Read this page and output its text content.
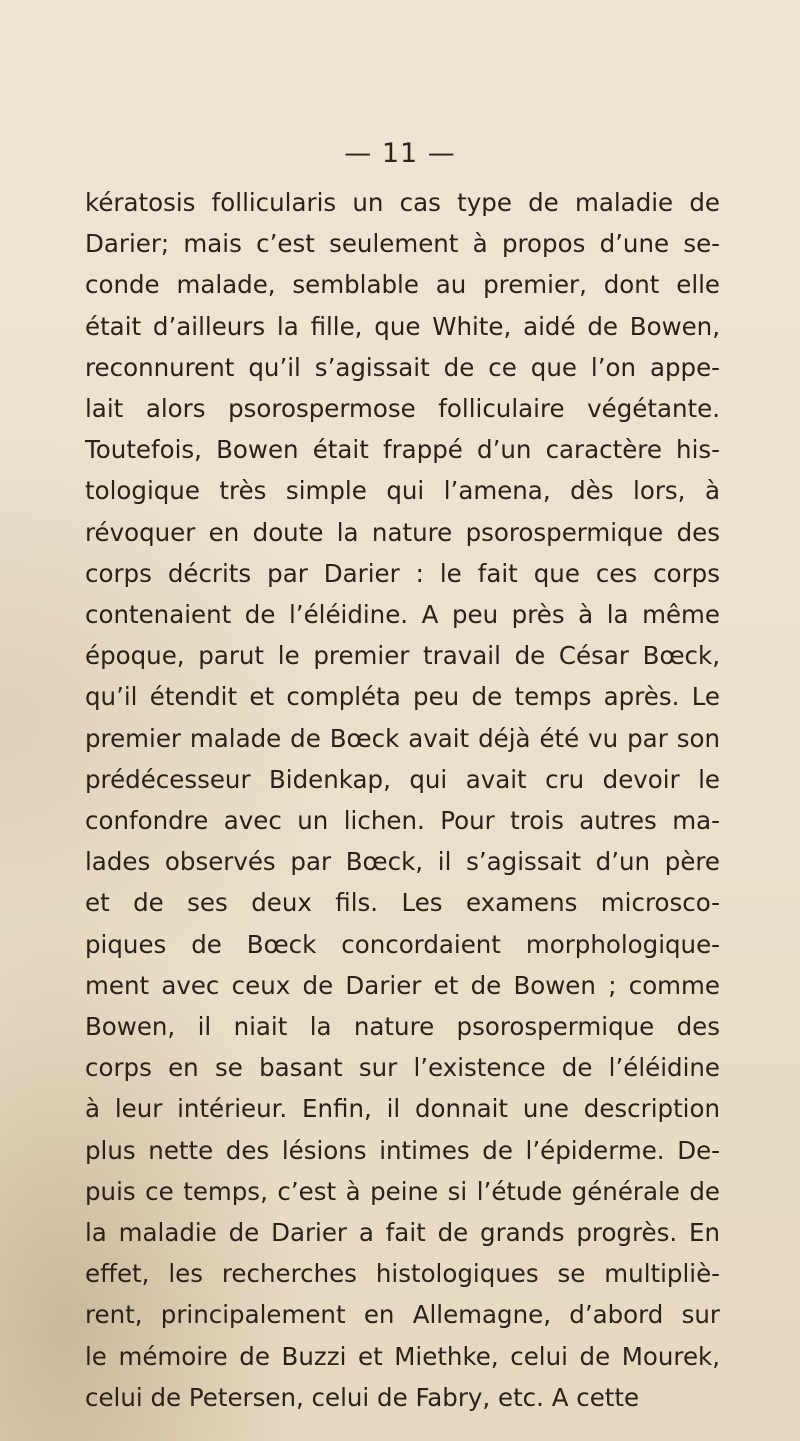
— 11 —
kératosis follicularis un cas type de maladie de
Darier; mais c’est seulement à propos d’une se-
conde malade, semblable au premier, dont elle
était d’ailleurs la fille, que White, aidé de Bowen,
reconnurent qu’il s’agissait de ce que l’on appe-
lait alors psorospermose folliculaire végétante.
Toutefois, Bowen était frappé d’un caractère his-
tologique très simple qui l’amena, dès lors, à
révoquer en doute la nature psorospermique des
corps décrits par Darier : le fait que ces corps
contenaient de l’éléidine. A peu près à la même
époque, parut le premier travail de César Bœck,
qu’il étendit et compléta peu de temps après. Le
premier malade de Bœck avait déjà été vu par son
prédécesseur Bidenkap, qui avait cru devoir le
confondre avec un lichen. Pour trois autres ma-
lades observés par Bœck, il s’agissait d’un père
et de ses deux fils. Les examens microsco-
piques de Bœck concordaient morphologique-
ment avec ceux de Darier et de Bowen ; comme
Bowen, il niait la nature psorospermique des
corps en se basant sur l’existence de l’éléidine
à leur intérieur. Enfin, il donnait une description
plus nette des lésions intimes de l’épiderme. De-
puis ce temps, c’est à peine si l’étude générale de
la maladie de Darier a fait de grands progrès. En
effet, les recherches histologiques se multipliè-
rent, principalement en Allemagne, d’abord sur
le mémoire de Buzzi et Miethke, celui de Mourek,
celui de Petersen, celui de Fabry, etc. A cette
